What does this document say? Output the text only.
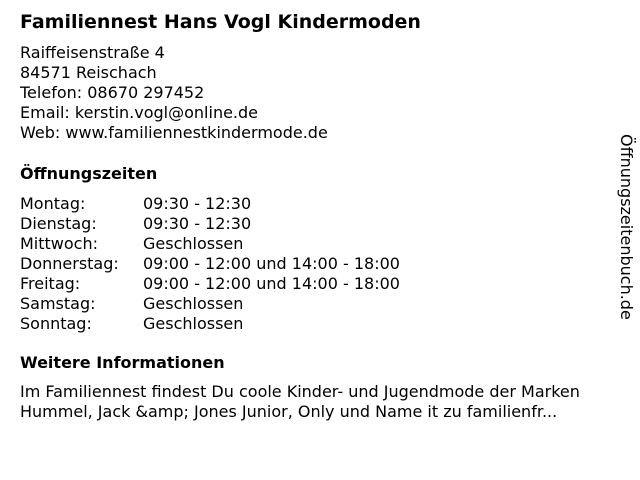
Familiennest Hans Vogl Kindermoden
Raiffeisenstraße 4
84571 Reischach
Telefon: 08670 297452
Email: kerstin.vogl@online.de
Web: www.familiennestkindermode.de
Öffnungszeiten
Montag:	09:30 - 12:30
Dienstag:	09:30 - 12:30
Mittwoch:	Geschlossen
Donnerstag: 09:00 - 12:00 und 14:00 - 18:00
Freitag:	09:00 - 12:00 und 14:00 - 18:00
Samstag:	Geschlossen
Sonntag:	Geschlossen
Weitere Informationen
Im Familiennest findest Du coole Kinder- und Jugendmode der Marken
Hummel, Jack &amp; Jones Junior, Only und Name it zu familienfr...
Öffnungszeitenbuch.de
